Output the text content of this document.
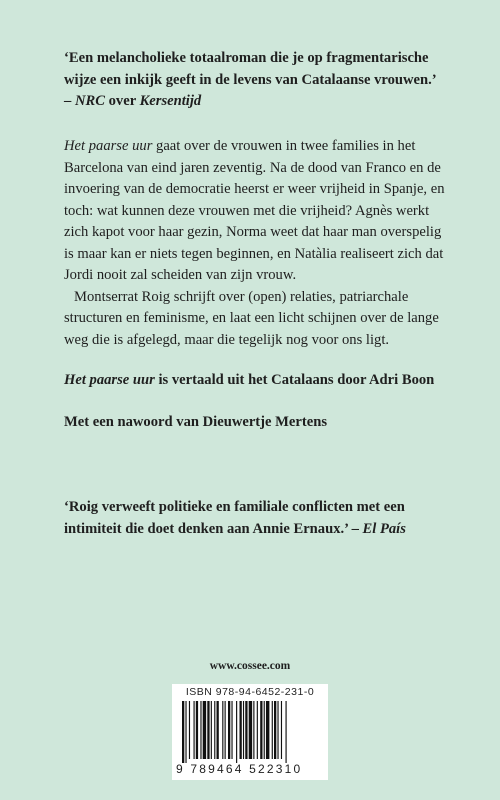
‘Een melancholieke totaalroman die je op fragmentarische wijze een inkijk geeft in de levens van Catalaanse vrouwen.’
– NRC over Kersentijd

Het paarse uur gaat over de vrouwen in twee families in het Barcelona van eind jaren zeventig. Na de dood van Franco en de invoering van de democratie heerst er weer vrijheid in Spanje, en toch: wat kunnen deze vrouwen met die vrijheid? Agnès werkt zich kapot voor haar gezin, Norma weet dat haar man overspelig is maar kan er niets tegen beginnen, en Natàlia realiseert zich dat Jordi nooit zal scheiden van zijn vrouw.

Montserrat Roig schrijft over (open) relaties, patriarchale structuren en feminisme, en laat een licht schijnen over de lange weg die is afgelegd, maar die tegelijk nog voor ons ligt.

Het paarse uur is vertaald uit het Catalaans door Adri Boon
Met een nawoord van Dieuwertje Mertens
‘Roig verweeft politieke en familiale conflicten met een intimiteit die doet denken aan Annie Ernaux.’ – El País
www.cossee.com
ISBN 978-94-6452-231-0
9 789464 522310
